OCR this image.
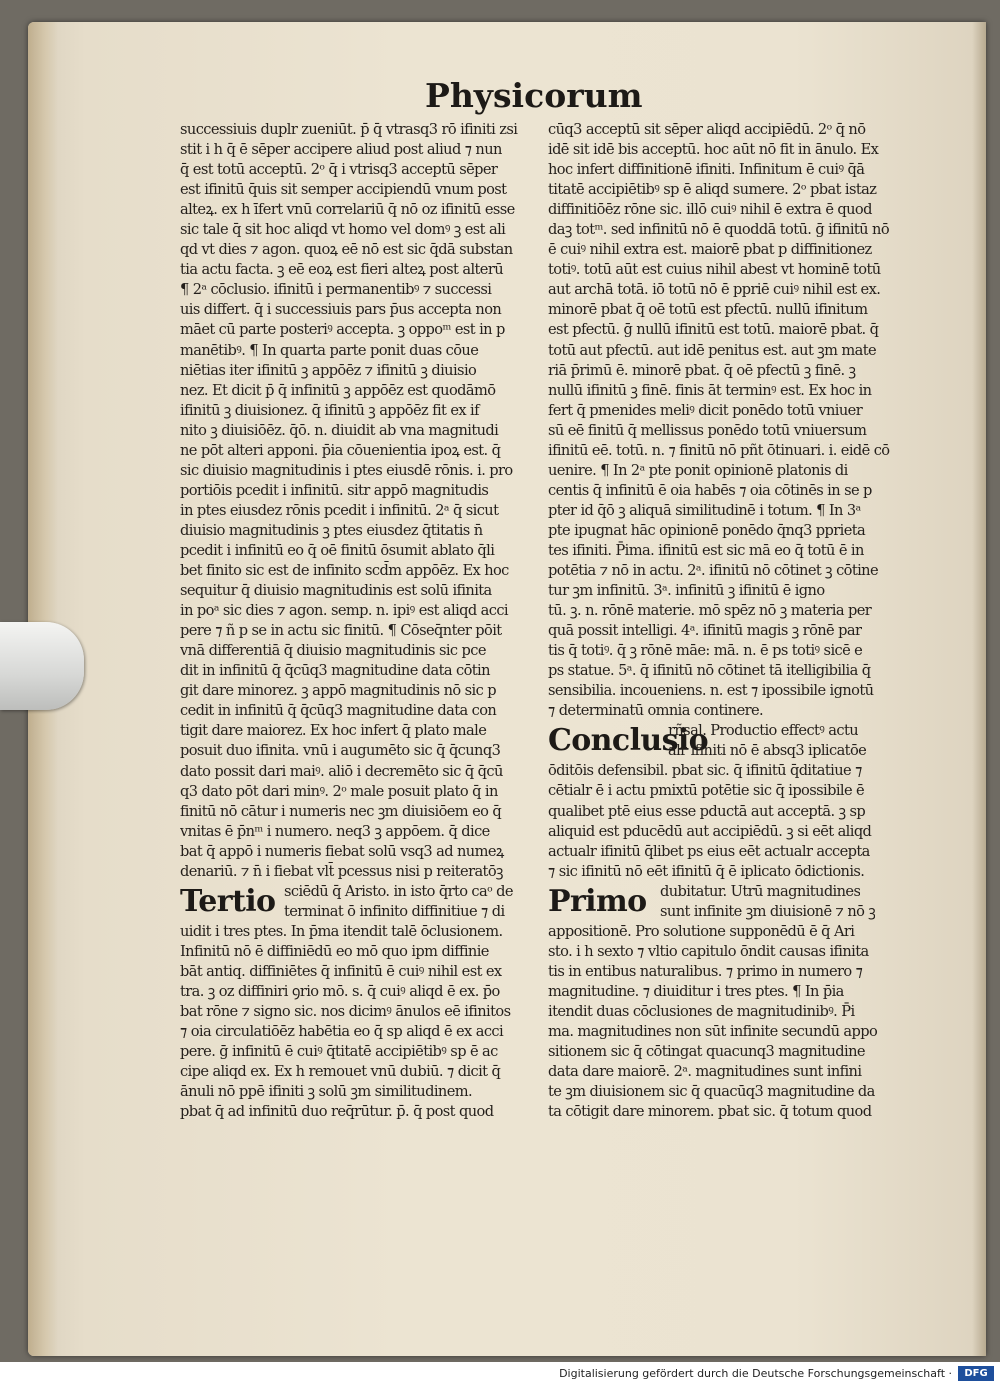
Physicorum
successiuis duplr zueniūt. p̄ q̄ vtrasq3 rō ifiniti zsi
stit i h q̄ ē sēper accipere aliud post aliud ⁊ nun
q̄ est totū acceptū. 2ᵒ q̄ i vtrisq3 acceptū sēper
est ifinitū q̄uis sit semper accipiendū vnum post
alteꝝ. ex h īfert vnū correlariū q̄ nō oz ifinitū esse
sic tale q̄ sit hoc aliqd vt homo vel domꝰ ꝫ est ali
qd vt dies ⁊ agon. quoꝝ eē nō est sic q̄dā substan
tia actu facta. ꝫ eē eoꝝ est fieri alteꝝ post alterū
¶ 2ᵃ cōclusio. ifinitū i permanentibꝰ ⁊ successi
uis differt. q̄ i successiuis pars p̄us accepta non
māet cū parte posteriꝰ accepta. ꝫ oppoᵐ est in p
manētibꝰ. ¶ In quarta parte ponit duas cōue
niētias iter ifinitū ꝫ appōēz ⁊ ifinitū ꝫ diuisio
nez. Et dicit p̄ q̄ infinitū ꝫ appōēz est quodāmō
ifinitū ꝫ diuisionez. q̄ ifinitū ꝫ appōēz fit ex if
nito ꝫ diuisiōēz. q̄ō. n. diuidit ab vna magnitudi
ne pōt alteri apponi. p̄ia cōuenientia ipoꝝ est. q̄
sic diuisio magnitudinis i ptes eiusdē rōnis. i. pro
portiōis pcedit i infinitū. sitr appō magnitudis
in ptes eiusdez rōnis pcedit i infinitū. 2ᵃ q̄ sicut
diuisio magnitudinis ꝫ ptes eiusdez q̄titatis n̄
pcedit i infinitū eo q̄ oē finitū ōsumit ablato q̄li
bet finito sic est de infinito scd̄m appōēz. Ex hoc
sequitur q̄ diuisio magnitudinis est solū ifinita
in poᵃ sic dies ⁊ agon. semp. n. ipiꝰ est aliqd acci
pere ⁊ ñ p se in actu sic finitū. ¶ Cōseq̄nter pōit
vnā differentiā q̄ diuisio magnitudinis sic pce
dit in infinitū q̄ q̄cūq3 magnitudine data cōtin
git dare minorez. ꝫ appō magnitudinis nō sic p
cedit in infinitū q̄ q̄cūq3 magnitudine data con
tigit dare maiorez. Ex hoc infert q̄ plato male
posuit duo ifinita. vnū i augumēto sic q̄ q̄cunq3
dato possit dari maiꝰ. aliō i decremēto sic q̄ q̄cū
q3 dato pōt dari minꝰ. 2ᵒ male posuit plato q̄ in
finitū nō cātur i numeris nec ꝫm diuisiōem eo q̄
vnitas ē p̄nᵐ i numero. neq3 ꝫ appōem. q̄ dice
bat q̄ appō i numeris fiebat solū vsq3 ad numeꝝ
denariū. ⁊ n̄ i fiebat vlt̄ pcessus nisi p reiteratōꝫ
Tertio sciēdū q̄ Aristo. in isto q̄rto caᵒ de
terminat ō infinito diffinitiue ⁊ di
uidit i tres ptes. In p̄ma itendit talē ōclusionem.
Infinitū nō ē diffiniēdū eo mō quo ipm diffinie
bāt antiq. diffiniētes q̄ infinitū ē cuiꝰ nihil est ex
tra. ꝫ oz diffiniri ꝯrio mō. s. q̄ cuiꝰ aliqd ē ex. p̄o
bat rōne ⁊ signo sic. nos dicimꝰ ānulos eē ifinitos
⁊ oia circulatiōēz habētia eo q̄ sp aliqd ē ex acci
pere. ḡ infinitū ē cuiꝰ q̄titatē accipiētibꝰ sp ē ac
cipe aliqd ex. Ex h remouet vnū dubiū. ⁊ dicit q̄
ānuli nō ppē ifiniti ꝫ solū ꝫm similitudinem.
pbat q̄ ad infinitū duo req̄rūtur. p̄. q̄ post quod
cūq3 acceptū sit sēper aliqd accipiēdū. 2ᵒ q̄ nō
idē sit idē bis acceptū. hoc aūt nō fit in ānulo. Ex
hoc infert diffinitionē ifiniti. Infinitum ē cuiꝰ q̄ā
titatē accipiētibꝰ sp ē aliqd sumere. 2ᵒ pbat istaz
diffinitiōēz rōne sic. illō cuiꝰ nihil ē extra ē quod
daꝫ totᵐ. sed infinitū nō ē quoddā totū. ḡ ifinitū nō
ē cuiꝰ nihil extra est. maiorē pbat p diffinitionez
totiꝰ. totū aūt est cuius nihil abest vt hominē totū
aut archā totā. iō totū nō ē ppriē cuiꝰ nihil est ex.
minorē pbat q̄ oē totū est pfectū. nullū ifinitum
est pfectū. ḡ nullū ifinitū est totū. maiorē pbat. q̄
totū aut pfectū. aut idē penitus est. aut ꝫm mate
riā p̄rimū ē. minorē pbat. q̄ oē pfectū ꝫ finē. ꝫ
nullū ifinitū ꝫ finē. finis āt terminꝰ est. Ex hoc in
fert q̄ pmenides meliꝰ dicit ponēdo totū vniuer
sū eē finitū q̄ mellissus ponēdo totū vniuersum
ifinitū eē. totū. n. ⁊ finitū nō pñt ōtinuari. i. eidē cō
uenire. ¶ In 2ᵃ pte ponit opinionē platonis di
centis q̄ infinitū ē oia habēs ⁊ oia cōtinēs in se p
pter id q̄ō ꝫ aliquā similitudinē i totum. ¶ In 3ᵃ
pte ipugnat hāc opinionē ponēdo q̄nq3 pprieta
tes ifiniti. P̄ima. ifinitū est sic mā eo q̄ totū ē in
potētia ⁊ nō in actu. 2ᵃ. ifinitū nō cōtinet ꝫ cōtine
tur ꝫm infinitū. 3ᵃ. infinitū ꝫ ifinitū ē igno
tū. ꝫ. n. rōnē materie. mō spēz nō ꝫ materia per
quā possit intelligi. 4ᵃ. ifinitū magis ꝫ rōnē par
tis q̄ totiꝰ. q̄ ꝫ rōnē māe: mā. n. ē ps totiꝰ sicē e
ps statue. 5ᵃ. q̄ ifinitū nō cōtinet tā itelligibilia q̄
sensibilia. incoueniens. n. est ⁊ ipossibile ignotū
⁊ determinatū omnia continere.
Conclusio
rñsal. Productio effectꝰ actu
alr ifiniti nō ē absq3 iplicatōe
ōditōis defensibil. pbat sic. q̄ ifinitū q̄ditatiue ⁊
cētialr ē i actu pmixtū potētie sic q̄ ipossibile ē
qualibet ptē eius esse pductā aut acceptā. ꝫ sp
aliquid est pducēdū aut accipiēdū. ꝫ si eēt aliqd
actualr ifinitū q̄libet ps eius eēt actualr accepta
⁊ sic ifinitū nō eēt ifinitū q̄ ē iplicato ōdictionis.
Primo dubitatur. Utrū magnitudines
sunt infinite ꝫm diuisionē ⁊ nō ꝫ
appositionē. Pro solutione supponēdū ē q̄ Ari
sto. i h sexto ⁊ vltio capitulo ōndit causas ifinita
tis in entibus naturalibus. ⁊ primo in numero ⁊
magnitudine. ⁊ diuiditur i tres ptes. ¶ In p̄ia
itendit duas cōclusiones de magnitudinibꝰ. P̄i
ma. magnitudines non sūt infinite secundū appo
sitionem sic q̄ cōtingat quacunq3 magnitudine
data dare maiorē. 2ᵃ. magnitudines sunt infini
te ꝫm diuisionem sic q̄ quacūq3 magnitudine da
ta cōtigit dare minorem. pbat sic. q̄ totum quod
Digitalisierung gefördert durch die Deutsche Forschungsgemeinschaft ·	DFG
